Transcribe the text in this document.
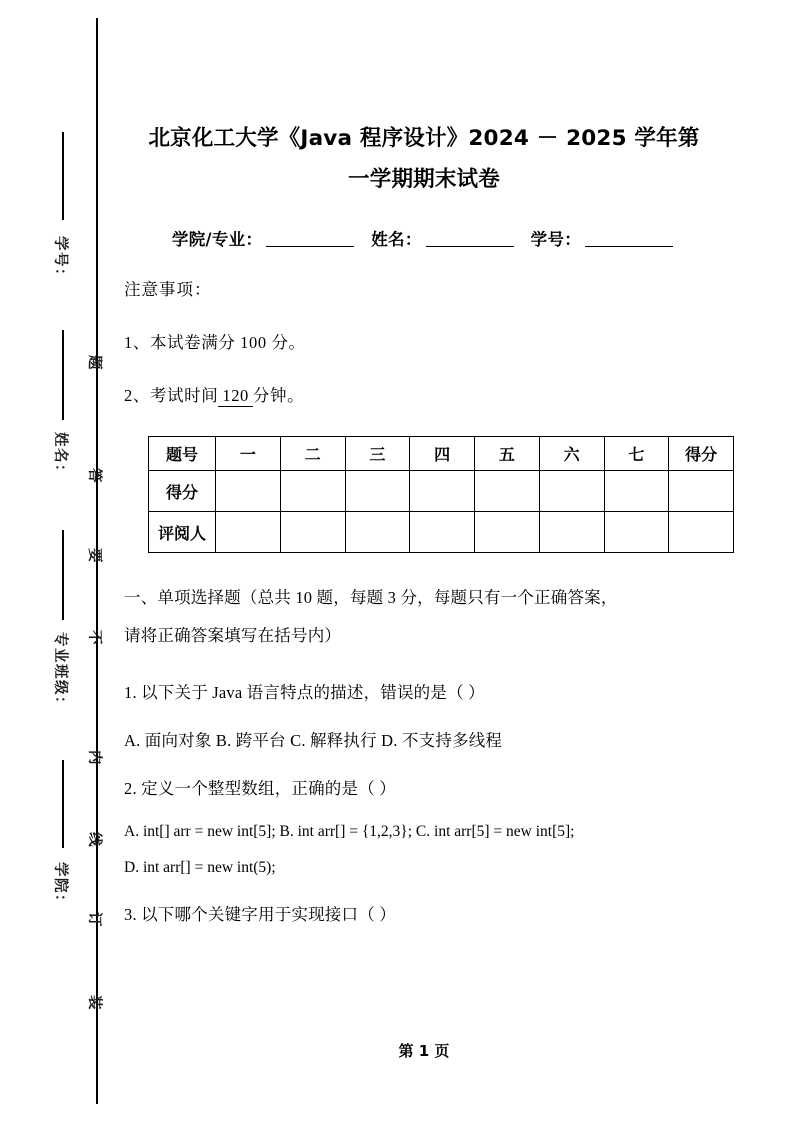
学号：
姓名：
专业班级：
学院：
题
答
要
不
内
线
订
装
北京化工大学《Java 程序设计》2024 － 2025 学年第
一学期期末试卷
学院/专业：	姓名：	学号：

注意事项：

1、本试卷满分 100 分。

2、考试时间 120 分钟。

题号	一	二	三	四	五	六	七	得分
得分								
评阅人								

一、单项选择题（总共 10 题，每题 3 分，每题只有一个正确答案，
请将正确答案填写在括号内）

1. 以下关于 Java 语言特点的描述，错误的是（ ）

A. 面向对象 B. 跨平台 C. 解释执行 D. 不支持多线程

2. 定义一个整型数组，正确的是（ ）

A. int[] arr = new int[5]; B. int arr[] = {1,2,3}; C. int arr[5] = new int[5];

D. int arr[] = new int(5);

3. 以下哪个关键字用于实现接口（ ）

第 1 页
